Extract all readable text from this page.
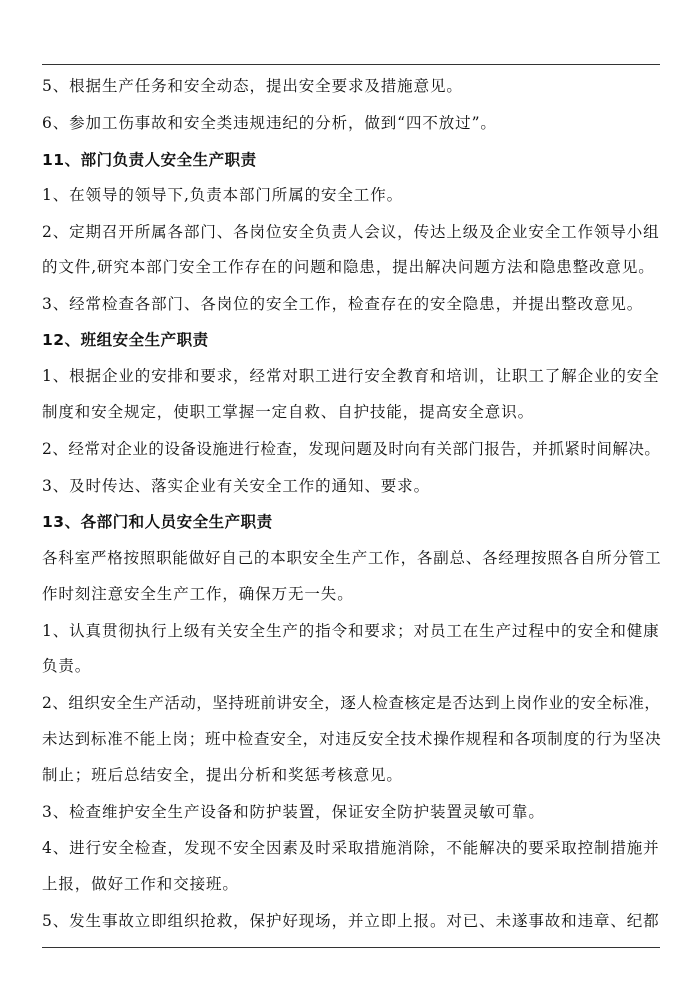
5、根据生产任务和安全动态，提出安全要求及措施意见。
6、参加工伤事故和安全类违规违纪的分析，做到“四不放过”。
11、部门负责人安全生产职责
1、在领导的领导下,负责本部门所属的安全工作。
2、定期召开所属各部门、各岗位安全负责人会议，传达上级及企业安全工作领导小组
的文件,研究本部门安全工作存在的问题和隐患，提出解决问题方法和隐患整改意见。
3、经常检查各部门、各岗位的安全工作，检查存在的安全隐患，并提出整改意见。
12、班组安全生产职责
1、根据企业的安排和要求，经常对职工进行安全教育和培训，让职工了解企业的安全
制度和安全规定，使职工掌握一定自救、自护技能，提高安全意识。
2、经常对企业的设备设施进行检查，发现问题及时向有关部门报告，并抓紧时间解决。
3、及时传达、落实企业有关安全工作的通知、要求。
13、各部门和人员安全生产职责
各科室严格按照职能做好自己的本职安全生产工作，各副总、各经理按照各自所分管工
作时刻注意安全生产工作，确保万无一失。
1、认真贯彻执行上级有关安全生产的指令和要求；对员工在生产过程中的安全和健康
负责。
2、组织安全生产活动，坚持班前讲安全，逐人检查核定是否达到上岗作业的安全标准，
未达到标准不能上岗；班中检查安全，对违反安全技术操作规程和各项制度的行为坚决
制止；班后总结安全，提出分析和奖惩考核意见。
3、检查维护安全生产设备和防护装置，保证安全防护装置灵敏可靠。
4、进行安全检查，发现不安全因素及时采取措施消除，不能解决的要采取控制措施并
上报，做好工作和交接班。
5、发生事故立即组织抢救，保护好现场，并立即上报。对已、未遂事故和违章、纪都
